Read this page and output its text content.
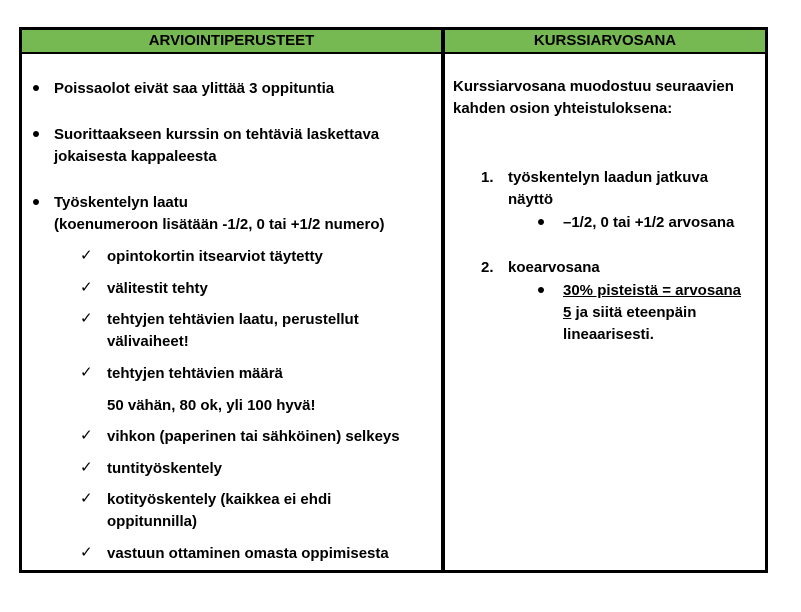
ARVIOINTIPERUSTEET	KURSSIARVOSANA
Poissaolot eivät saa ylittää 3 oppituntia
Suorittaakseen kurssin on tehtäviä laskettava
jokaisesta kappaleesta
Työskentelyn laatu
(koenumeroon lisätään -1/2, 0 tai +1/2 numero)
✓ opintokortin itsearviot täytetty
✓ välitestit tehty
✓ tehtyjen tehtävien laatu, perustellut
välivaiheet!
✓ tehtyjen tehtävien määrä
50 vähän, 80 ok, yli 100 hyvä!
✓ vihkon (paperinen tai sähköinen) selkeys
✓ tuntityöskentely
✓ kotityöskentely (kaikkea ei ehdi
oppitunnilla)
✓ vastuun ottaminen omasta oppimisesta
Kurssiarvosana muodostuu seuraavien
kahden osion yhteistuloksena:
1. työskentelyn laadun jatkuva
näyttö
–1/2, 0 tai +1/2 arvosana
2. koearvosana
30% pisteistä = arvosana
5 ja siitä eteenpäin
lineaarisesti.
